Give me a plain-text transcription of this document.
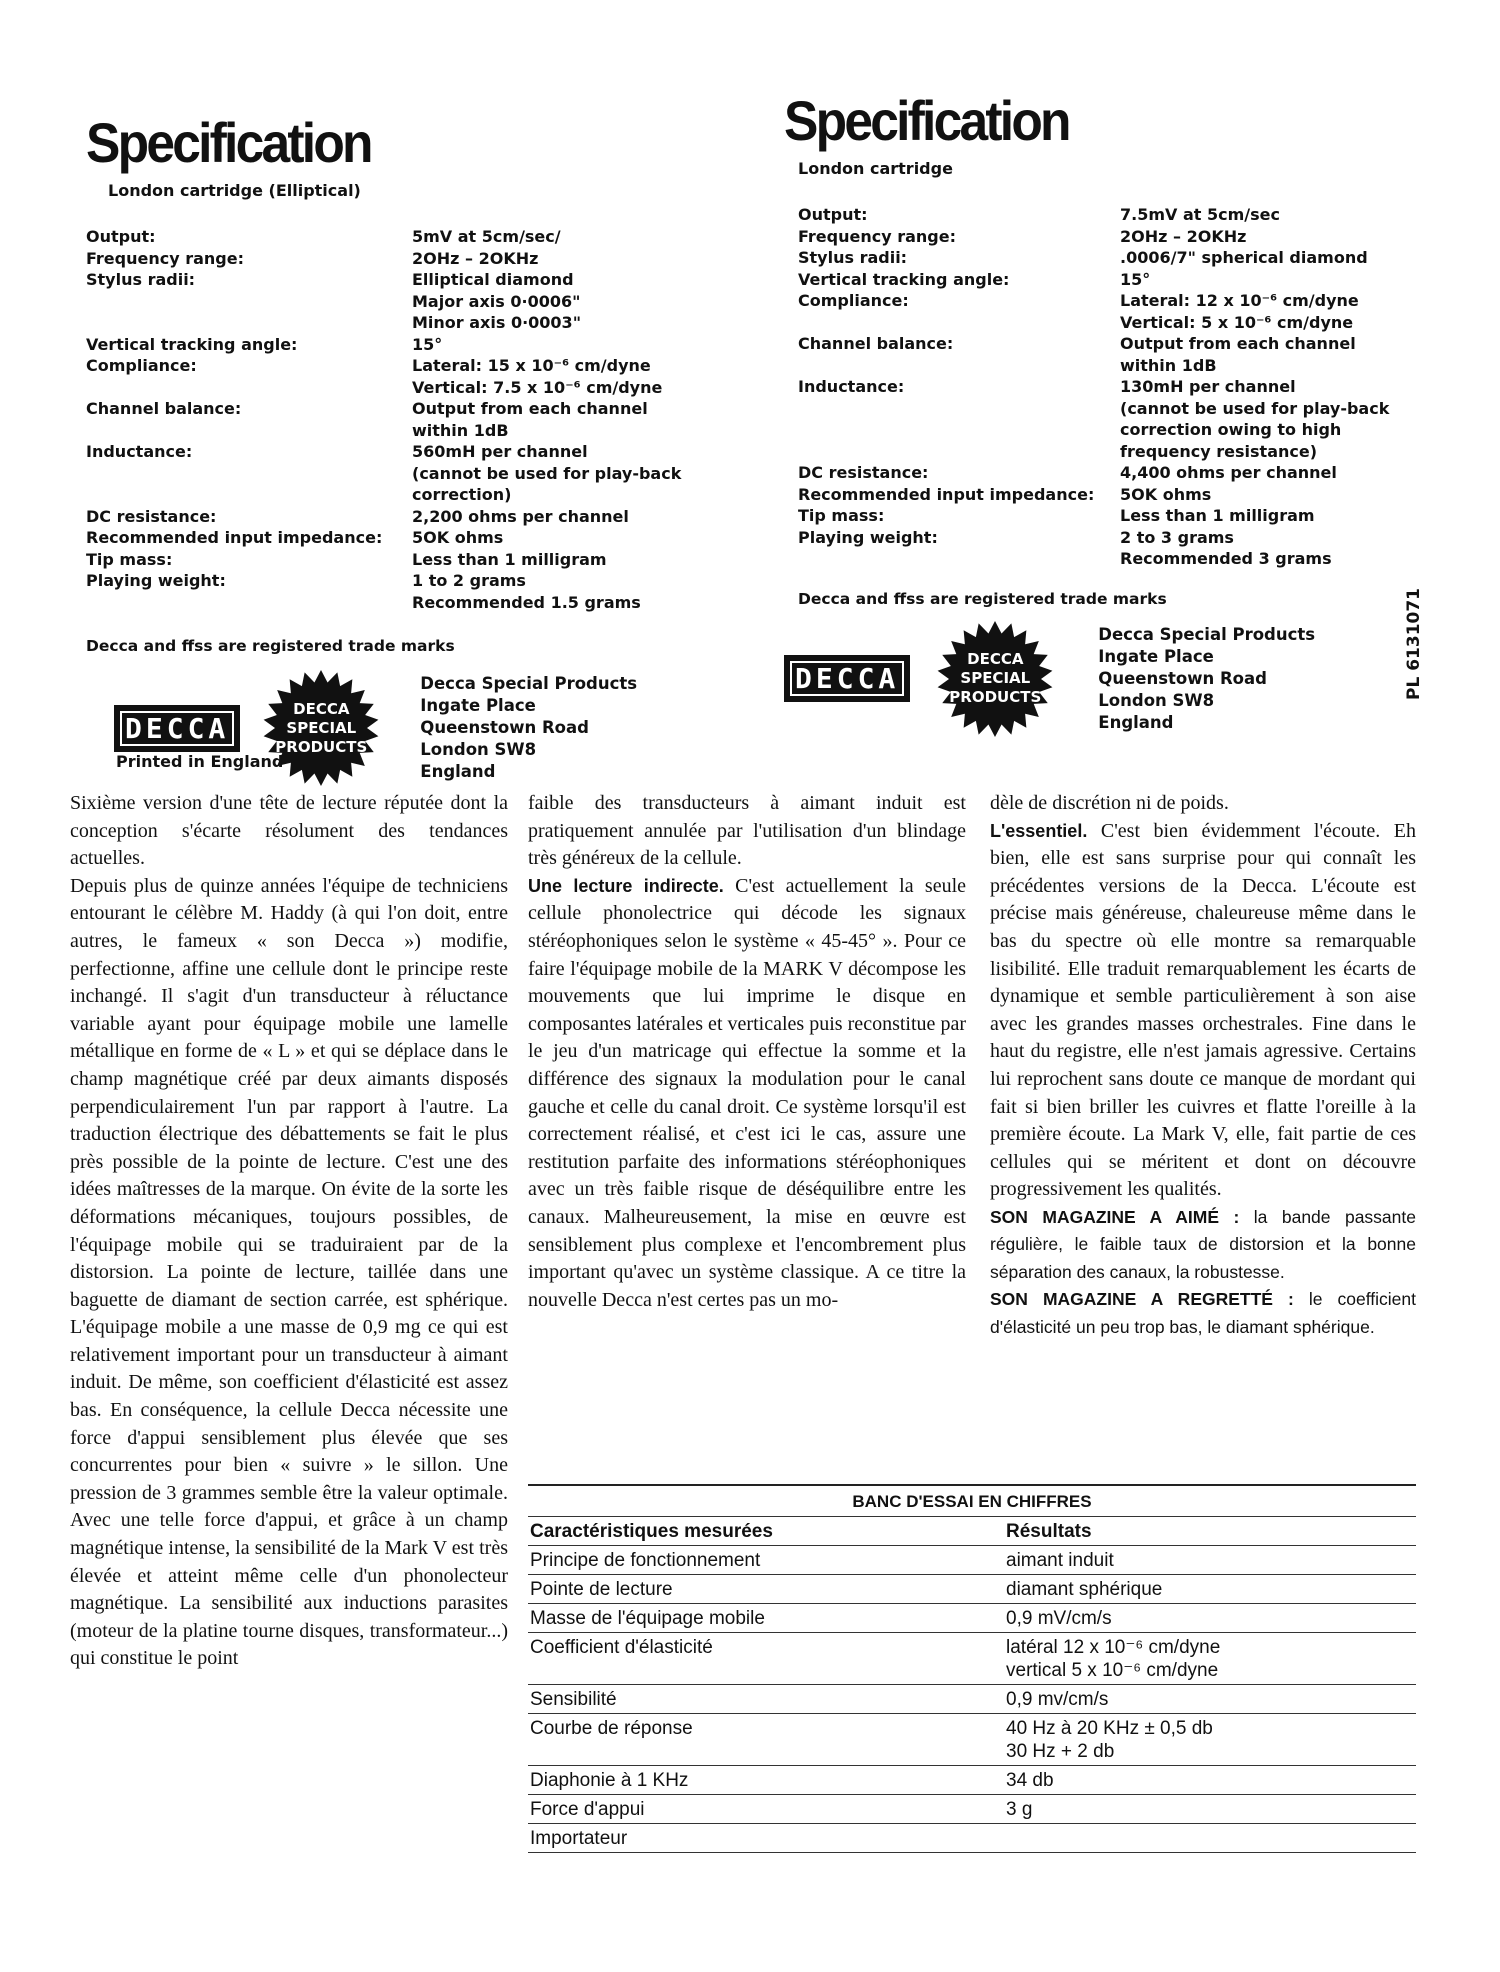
Specification
London cartridge (Elliptical)
Output:	5mV at 5cm/sec/
Frequency range:	2OHz – 2OKHz
Stylus radii:	Elliptical diamond
Major axis 0·0006"
Minor axis 0·0003"
Vertical tracking angle:	15°
Compliance:	Lateral: 15 x 10⁻⁶ cm/dyne
Vertical: 7.5 x 10⁻⁶ cm/dyne
Channel balance:	Output from each channel
within 1dB
Inductance:	560mH per channel
(cannot be used for play-back
correction)
DC resistance:	2,200 ohms per channel
Recommended input impedance:	5OK ohms
Tip mass:	Less than 1 milligram
Playing weight:	1 to 2 grams
Recommended 1.5 grams
Decca and ffss are registered trade marks
DECCA
DECCA
SPECIAL
PRODUCTS
Decca Special Products
Ingate Place
Queenstown Road
London SW8
England
Printed in England
Specification
London cartridge
Output:	7.5mV at 5cm/sec
Frequency range:	2OHz – 2OKHz
Stylus radii:	.0006/7" spherical diamond
Vertical tracking angle:	15°
Compliance:	Lateral: 12 x 10⁻⁶ cm/dyne
Vertical: 5 x 10⁻⁶ cm/dyne
Channel balance:	Output from each channel
within 1dB
Inductance:	130mH per channel
(cannot be used for play-back
correction owing to high
frequency resistance)
DC resistance:	4,400 ohms per channel
Recommended input impedance:	5OK ohms
Tip mass:	Less than 1 milligram
Playing weight:	2 to 3 grams
Recommended 3 grams
Decca and ffss are registered trade marks
DECCA
DECCA
SPECIAL
PRODUCTS
Decca Special Products
Ingate Place
Queenstown Road
London SW8
England
PL 6131071

Sixième version d'une tête de lecture réputée dont la conception s'écarte résolument des tendances actuelles.

Depuis plus de quinze années l'équipe de techniciens entourant le célèbre M. Haddy (à qui l'on doit, entre autres, le fameux « son Decca ») modifie, perfectionne, affine une cellule dont le principe reste inchangé. Il s'agit d'un transducteur à réluctance variable ayant pour équipage mobile une lamelle métallique en forme de « L » et qui se déplace dans le champ magnétique créé par deux aimants disposés perpendiculairement l'un par rapport à l'autre. La traduction électrique des débattements se fait le plus près possible de la pointe de lecture. C'est une des idées maîtresses de la marque. On évite de la sorte les déformations mécaniques, toujours possibles, de l'équipage mobile qui se traduiraient par de la distorsion. La pointe de lecture, taillée dans une baguette de diamant de section carrée, est sphérique. L'équipage mobile a une masse de 0,9 mg ce qui est relativement important pour un transducteur à aimant induit. De même, son coefficient d'élasticité est assez bas. En conséquence, la cellule Decca nécessite une force d'appui sensiblement plus élevée que ses concurrentes pour bien « suivre » le sillon. Une pression de 3 grammes semble être la valeur optimale. Avec une telle force d'appui, et grâce à un champ magnétique intense, la sensibilité de la Mark V est très élevée et atteint même celle d'un phonolecteur magnétique. La sensibilité aux inductions parasites (moteur de la platine tourne disques, transformateur...) qui constitue le point

faible des transducteurs à aimant induit est pratiquement annulée par l'utilisation d'un blindage très généreux de la cellule.

Une lecture indirecte. C'est actuellement la seule cellule phonolectrice qui décode les signaux stéréophoniques selon le système « 45-45° ». Pour ce faire l'équipage mobile de la MARK V décompose les mouvements que lui imprime le disque en composantes latérales et verticales puis reconstitue par le jeu d'un matricage qui effectue la somme et la différence des signaux la modulation pour le canal gauche et celle du canal droit. Ce système lorsqu'il est correctement réalisé, et c'est ici le cas, assure une restitution parfaite des informations stéréophoniques avec un très faible risque de déséquilibre entre les canaux. Malheureusement, la mise en œuvre est sensiblement plus complexe et l'encombrement plus important qu'avec un système classique. A ce titre la nouvelle Decca n'est certes pas un mo-

dèle de discrétion ni de poids.

L'essentiel. C'est bien évidemment l'écoute. Eh bien, elle est sans surprise pour qui connaît les précédentes versions de la Decca. L'écoute est précise mais généreuse, chaleureuse même dans le bas du spectre où elle montre sa remarquable lisibilité. Elle traduit remarquablement les écarts de dynamique et semble particulièrement à son aise avec les grandes masses orchestrales. Fine dans le haut du registre, elle n'est jamais agressive. Certains lui reprochent sans doute ce manque de mordant qui fait si bien briller les cuivres et flatte l'oreille à la première écoute. La Mark V, elle, fait partie de ces cellules qui se méritent et dont on découvre progressivement les qualités.

SON MAGAZINE A AIMÉ : la bande passante régulière, le faible taux de distorsion et la bonne séparation des canaux, la robustesse.

SON MAGAZINE A REGRETTÉ : le coefficient d'élasticité un peu trop bas, le diamant sphérique.

BANC D'ESSAI EN CHIFFRES
Caractéristiques mesurées	Résultats
Principe de fonctionnement	aimant induit
Pointe de lecture	diamant sphérique
Masse de l'équipage mobile	0,9 mV/cm/s
Coefficient d'élasticité	latéral 12 x 10⁻⁶ cm/dyne
vertical 5 x 10⁻⁶ cm/dyne
Sensibilité	0,9 mv/cm/s
Courbe de réponse	40 Hz à 20 KHz ± 0,5 db
30 Hz + 2 db
Diaphonie à 1 KHz	34 db
Force d'appui	3 g
Importateur
